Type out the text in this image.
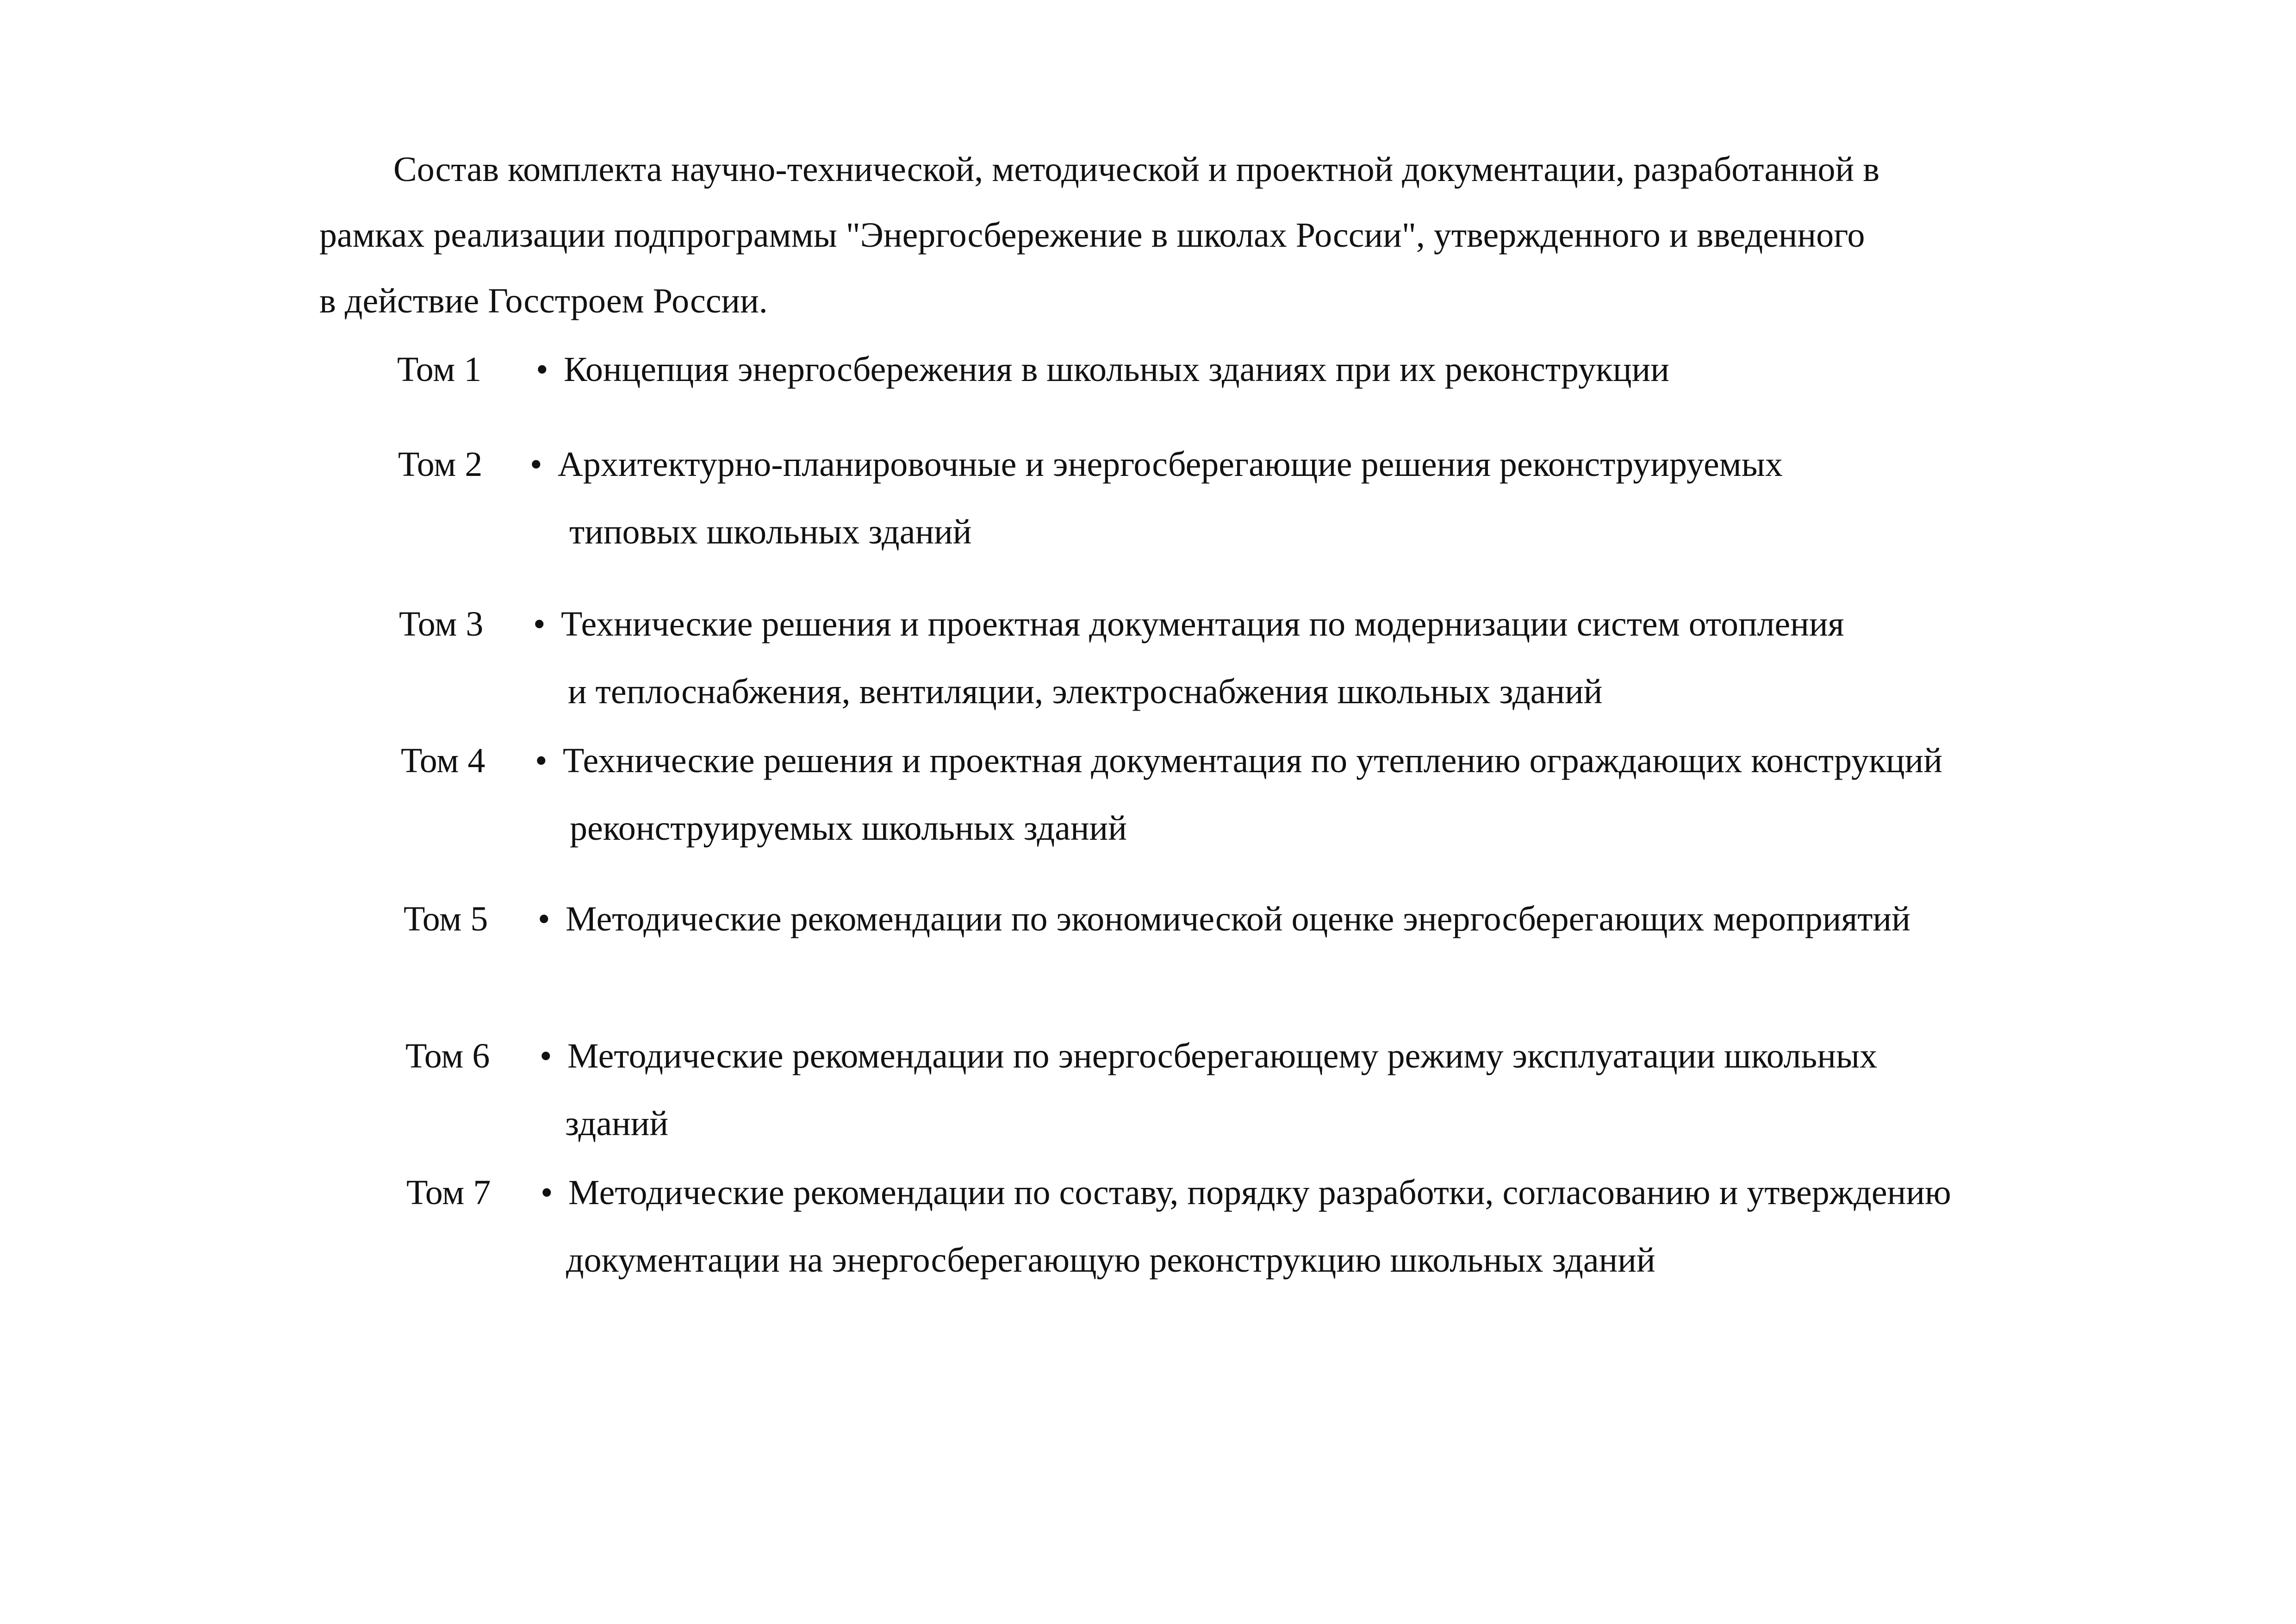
Состав комплекта научно-технической, методической и проектной документации, разработанной в
рамках реализации подпрограммы "Энергосбережение в школах России", утвержденного и введенного
в действие Госстроем России.
Том 1 • Концепция энергосбережения в школьных зданиях при их реконструкции
Том 2 • Архитектурно-планировочные и энергосберегающие решения реконструируемых
типовых школьных зданий
Том 3 • Технические решения и проектная документация по модернизации систем отопления
и теплоснабжения, вентиляции, электроснабжения школьных зданий
Том 4 • Технические решения и проектная документация по утеплению ограждающих конструкций
реконструируемых школьных зданий
Том 5 • Методические рекомендации по экономической оценке энергосберегающих мероприятий
Том 6 • Методические рекомендации по энергосберегающему режиму эксплуатации школьных
зданий
Том 7 • Методические рекомендации по составу, порядку разработки, согласованию и утверждению
документации на энергосберегающую реконструкцию школьных зданий
